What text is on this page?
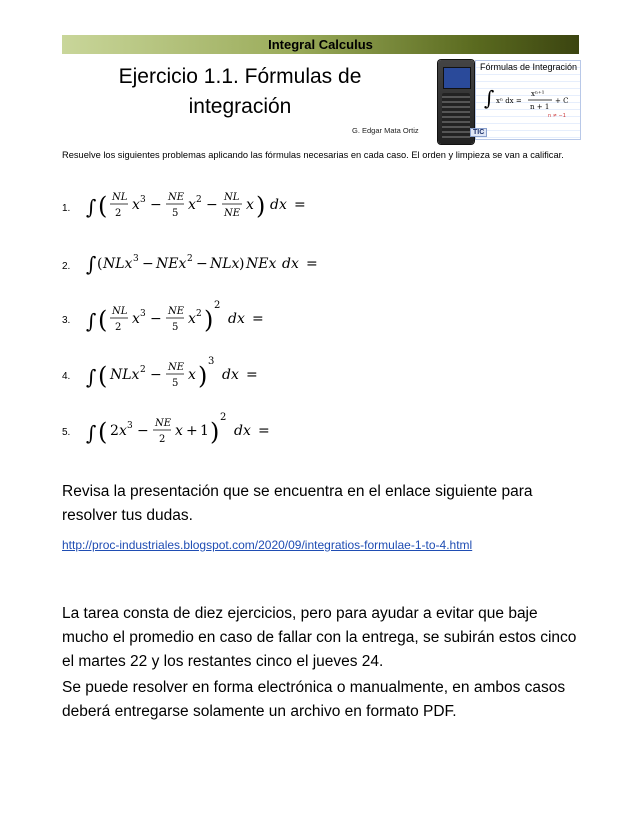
Integral Calculus
Ejercicio 1.1. Fórmulas de
integración
G. Edgar Mata Ortiz
Fórmulas de Integración
∫ xⁿ dx =
xⁿ⁺¹
n + 1
+ C
n ≠ −1
TIC
Resuelve los siguientes problemas aplicando las fórmulas necesarias en cada caso. El orden y limpieza se van a calificar.
1. ∫ ( NL
2
x 3 − NE
5
x 2 − NL
NE
x ) dx =
2. ∫ ( NLx 3 − NEx 2 − NLx ) NEx dx =
3. ∫ ( NL
2
x 3 − NE
5
x 2 )
2
dx =
4. ∫ ( NLx 2 − NE
5
x )
3
dx =
5. ∫ ( 2 x 3 − NE
2
x + 1 )
2
dx =
Revisa la presentación que se encuentra en el enlace siguiente para resolver tus dudas.
http://proc-industriales.blogspot.com/2020/09/integratios-formulae-1-to-4.html
La tarea consta de diez ejercicios, pero para ayudar a evitar que baje mucho el promedio en caso de fallar con la entrega, se subirán estos cinco el martes 22 y los restantes cinco el jueves 24.
Se puede resolver en forma electrónica o manualmente, en ambos casos deberá entregarse solamente un archivo en formato PDF.
